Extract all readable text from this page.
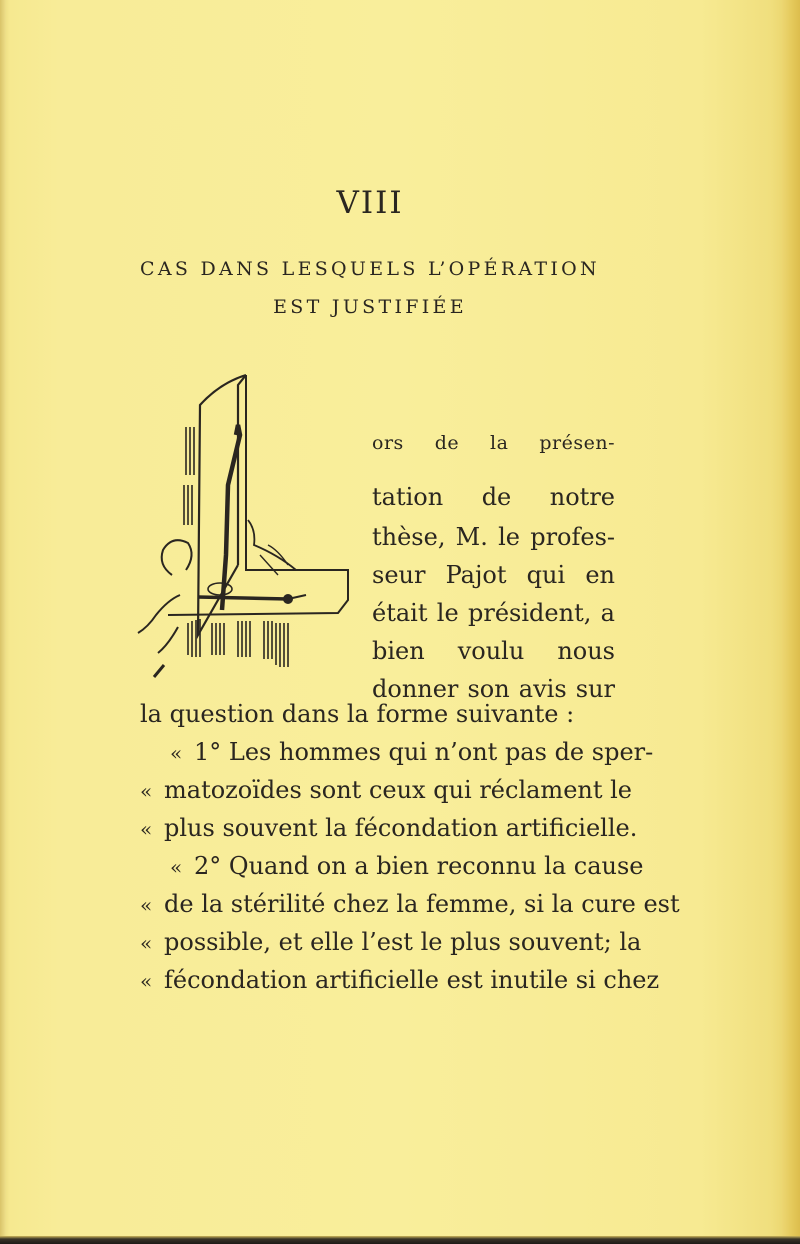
VIII
CAS DANS LESQUELS L’OPÉRATION
EST JUSTIFIÉE
ors de la présen-
tation de notre
thèse, M. le profes-
seur Pajot qui en
était le président, a
bien voulu nous
donner son avis sur
la question dans la forme suivante :
« 1° Les hommes qui n’ont pas de sper-
« matozoïdes sont ceux qui réclament le
« plus souvent la fécondation artificielle.
« 2° Quand on a bien reconnu la cause
« de la stérilité chez la femme, si la cure est
« possible, et elle l’est le plus souvent; la
« fécondation artificielle est inutile si chez
